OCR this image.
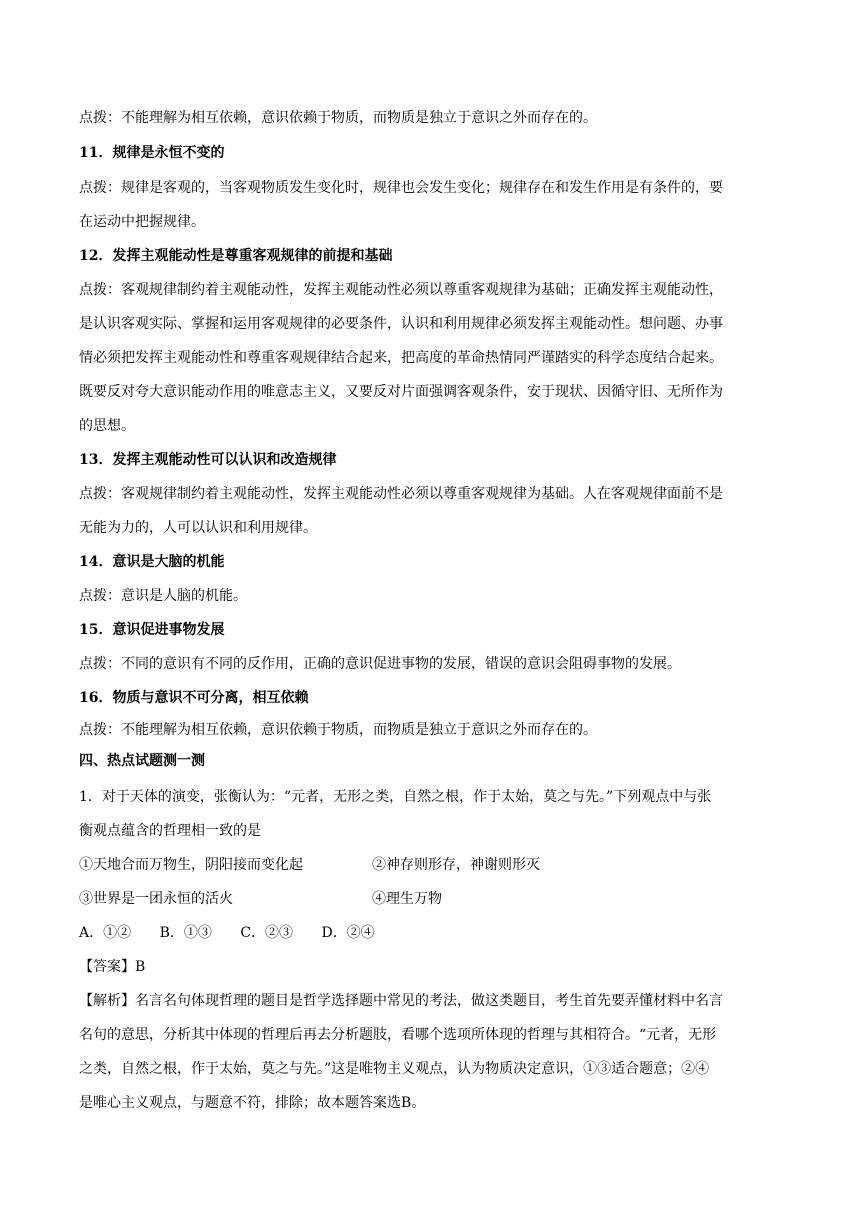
点拨：不能理解为相互依赖，意识依赖于物质，而物质是独立于意识之外而存在的。
11．规律是永恒不变的
点拨：规律是客观的，当客观物质发生变化时，规律也会发生变化；规律存在和发生作用是有条件的，要
在运动中把握规律。
12．发挥主观能动性是尊重客观规律的前提和基础
点拨：客观规律制约着主观能动性，发挥主观能动性必须以尊重客观规律为基础；正确发挥主观能动性，
是认识客观实际、掌握和运用客观规律的必要条件，认识和利用规律必须发挥主观能动性。想问题、办事
情必须把发挥主观能动性和尊重客观规律结合起来，把高度的革命热情同严谨踏实的科学态度结合起来。
既要反对夸大意识能动作用的唯意志主义，又要反对片面强调客观条件，安于现状、因循守旧、无所作为
的思想。
13．发挥主观能动性可以认识和改造规律
点拨：客观规律制约着主观能动性，发挥主观能动性必须以尊重客观规律为基础。人在客观规律面前不是
无能为力的，人可以认识和利用规律。
14．意识是大脑的机能
点拨：意识是人脑的机能。
15．意识促进事物发展
点拨：不同的意识有不同的反作用，正确的意识促进事物的发展，错误的意识会阻碍事物的发展。
16．物质与意识不可分离，相互依赖
点拨：不能理解为相互依赖，意识依赖于物质，而物质是独立于意识之外而存在的。
四、热点试题测一测
1．对于天体的演变，张衡认为：“元者，无形之类，自然之根，作于太始，莫之与先。”下列观点中与张
衡观点蕴含的哲理相一致的是
①天地合而万物生，阴阳接而变化起	②神存则形存，神谢则形灭
③世界是一团永恒的活火	④理生万物
A．①② B．①③ C．②③ D．②④
【答案】B
【解析】名言名句体现哲理的题目是哲学选择题中常见的考法，做这类题目，考生首先要弄懂材料中名言
名句的意思，分析其中体现的哲理后再去分析题肢，看哪个选项所体现的哲理与其相符合。“元者，无形
之类，自然之根，作于太始，莫之与先。”这是唯物主义观点，认为物质决定意识，①③适合题意；②④
是唯心主义观点，与题意不符，排除；故本题答案选B。
